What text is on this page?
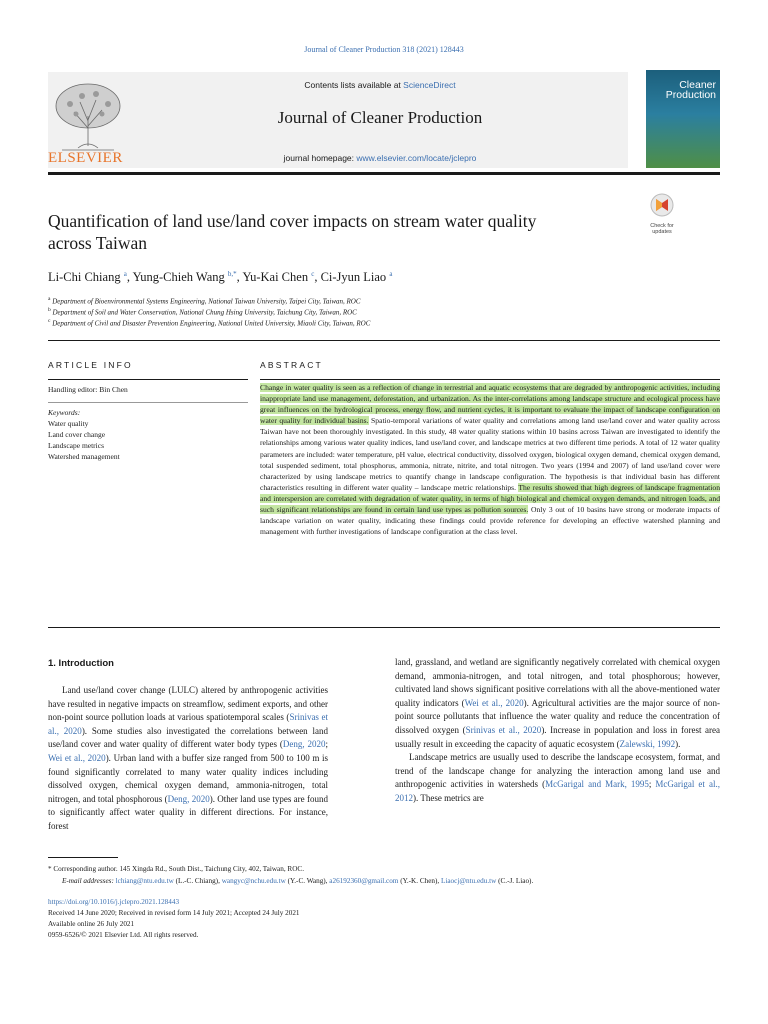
Journal of Cleaner Production 318 (2021) 128443
ELSEVIER
Contents lists available at ScienceDirect
Journal of Cleaner Production
journal homepage: www.elsevier.com/locate/jclepro
Cleaner
Production
Quantification of land use/land cover impacts on stream water quality
across Taiwan
Check for
updates
Li-Chi Chiang $^a$, Yung-Chieh Wang $^{b,*}$, Yu-Kai Chen $^c$, Ci-Jyun Liao $^a$
$^a$ Department of Bioenvironmental Systems Engineering, National Taiwan University, Taipei City, Taiwan, ROC
$^b$ Department of Soil and Water Conservation, National Chung Hsing University, Taichung City, Taiwan, ROC
$^c$ Department of Civil and Disaster Prevention Engineering, National United University, Miaoli City, Taiwan, ROC
ARTICLE INFO	ABSTRACT
Handling editor: Bin Chen
Keywords:
Water quality
Land cover change
Landscape metrics
Watershed management
Change in water quality is seen as a reflection of change in terrestrial and aquatic ecosystems that are degraded by anthropogenic activities, including inappropriate land use management, deforestation, and urbanization. As the inter-correlations among landscape structure and ecological process have great influences on the hydrological process, energy flow, and nutrient cycles, it is important to evaluate the impact of landscape configuration on water quality for individual basins. Spatio-temporal variations of water quality and correlations among land use/land cover and water quality across Taiwan have not been thoroughly investigated. In this study, 48 water quality stations within 10 basins across Taiwan are investigated to identify the relationships among various water quality indices, land use/land cover, and landscape metrics at two different time periods. A total of 12 water quality parameters are included: water temperature, pH value, electrical conductivity, dissolved oxygen, biological oxygen demand, chemical oxygen demand, total suspended sediment, total phosphorus, ammonia, nitrate, nitrite, and total nitrogen. Two years (1994 and 2007) of land use/land cover were characterized by using landscape metrics to quantify change in landscape configuration. The hypothesis is that individual basin has different characteristics resulting in different water quality – landscape metric relationships. The results showed that high degrees of landscape fragmentation and interspersion are correlated with degradation of water quality, in terms of high biological and chemical oxygen demands, and nitrogen loads, and such significant relationships are found in certain land use types as pollution sources. Only 3 out of 10 basins have strong or moderate impacts of landscape variation on water quality, indicating these findings could provide reference for developing an effective watershed planning and management with further investigations of landscape configuration at the class level.
1. Introduction

Land use/land cover change (LULC) altered by anthropogenic activities have resulted in negative impacts on streamflow, sediment exports, and other non-point source pollution loads at various spatiotemporal scales (Srinivas et al., 2020). Some studies also investigated the correlations between land use/land cover and water quality of different water body types (Deng, 2020; Wei et al., 2020). Urban land with a buffer size ranged from 500 to 100 m is found significantly correlated to many water quality indices including dissolved oxygen, chemical oxygen demand, ammonia-nitrogen, total nitrogen, and total phosphorous (Deng, 2020). Other land use types are found to significantly affect water quality in different directions. For instance, forest

land, grassland, and wetland are significantly negatively correlated with chemical oxygen demand, ammonia-nitrogen, and total nitrogen, and total phosphorous; however, cultivated land shows significant positive correlations with all the above-mentioned water quality indicators (Wei et al., 2020). Agricultural activities are the major source of non-point source pollutants that influence the water quality and reduce the concentration of dissolved oxygen (Srinivas et al., 2020). Increase in population and loss in forest area usually result in exceeding the capacity of aquatic ecosystem (Zalewski, 1992).

Landscape metrics are usually used to describe the landscape ecosystem, format, and trend of the landscape change for analyzing the interaction among land use and anthropogenic activities in watersheds (McGarigal and Mark, 1995; McGarigal et al., 2012). These metrics are

* Corresponding author. 145 Xingda Rd., South Dist., Taichung City, 402, Taiwan, ROC.
E-mail addresses: lchiang@ntu.edu.tw (L.-C. Chiang), wangyc@nchu.edu.tw (Y.-C. Wang), a26192360@gmail.com (Y.-K. Chen), Liaocj@ntu.edu.tw (C.-J. Liao).
https://doi.org/10.1016/j.jclepro.2021.128443
Received 14 June 2020; Received in revised form 14 July 2021; Accepted 24 July 2021
Available online 26 July 2021
0959-6526/© 2021 Elsevier Ltd. All rights reserved.
